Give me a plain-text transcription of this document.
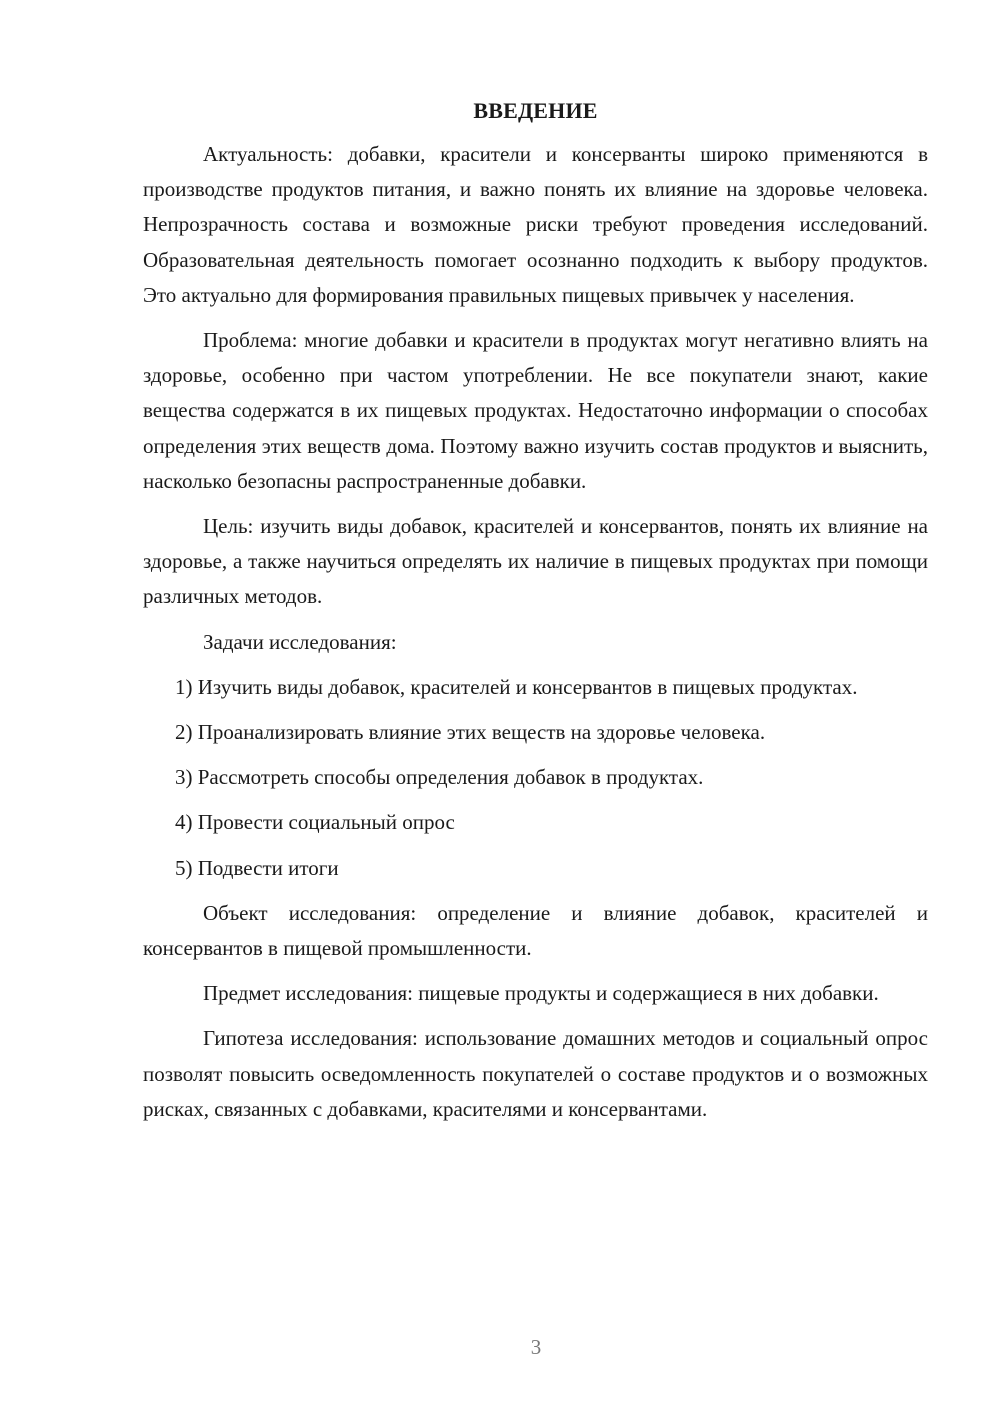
ВВЕДЕНИЕ

Актуальность: добавки, красители и консерванты широко применяются в производстве продуктов питания, и важно понять их влияние на здоровье человека. Непрозрачность состава и возможные риски требуют проведения исследований. Образовательная деятельность помогает осознанно подходить к выбору продуктов. Это актуально для формирования правильных пищевых привычек у населения.

Проблема: многие добавки и красители в продуктах могут негативно влиять на здоровье, особенно при частом употреблении. Не все покупатели знают, какие вещества содержатся в их пищевых продуктах. Недостаточно информации о способах определения этих веществ дома. Поэтому важно изучить состав продуктов и выяснить, насколько безопасны распространенные добавки.

Цель: изучить виды добавок, красителей и консервантов, понять их влияние на здоровье, а также научиться определять их наличие в пищевых продуктах при помощи различных методов.

Задачи исследования:

1) Изучить виды добавок, красителей и консервантов в пищевых продуктах.

2) Проанализировать влияние этих веществ на здоровье человека.

3) Рассмотреть способы определения добавок в продуктах.

4) Провести социальный опрос

5) Подвести итоги

Объект исследования: определение и влияние добавок, красителей и консервантов в пищевой промышленности.

Предмет исследования: пищевые продукты и содержащиеся в них добавки.

Гипотеза исследования: использование домашних методов и социальный опрос позволят повысить осведомленность покупателей о составе продуктов и о возможных рисках, связанных с добавками, красителями и консервантами.

3
